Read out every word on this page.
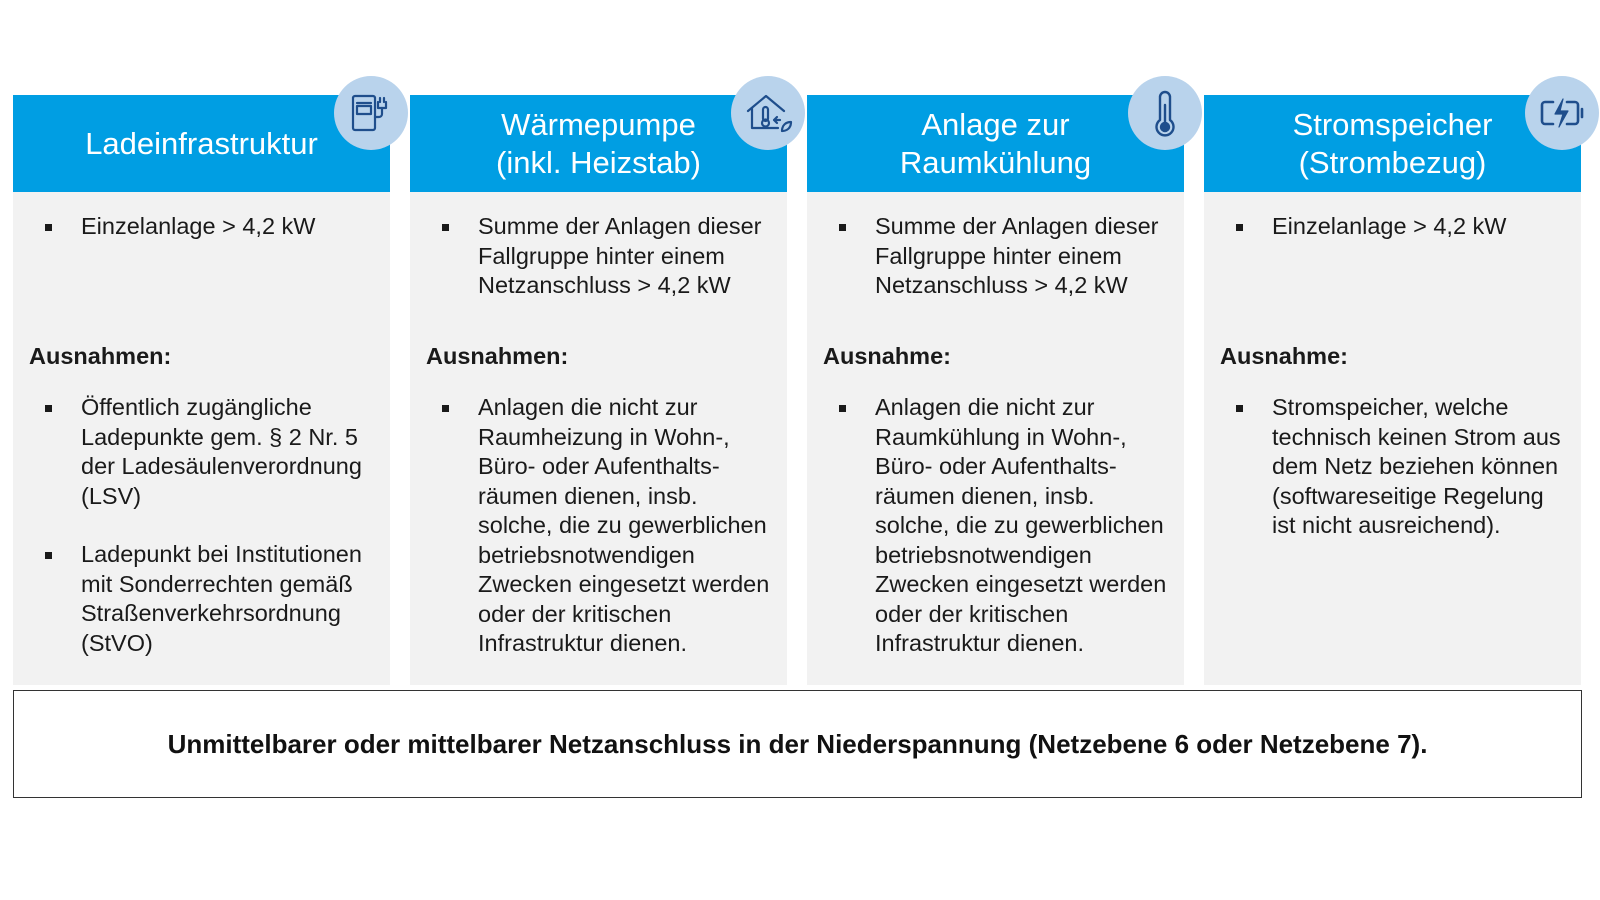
Ladeinfrastruktur
Einzelanlage > 4,2 kW
Ausnahmen:
Öffentlich zugängliche Ladepunkte gem. § 2 Nr. 5 der Ladesäulenverordnung (LSV)
Ladepunkt bei Institutionen mit Sonderrechten gemäß Straßenverkehrsordnung (StVO)
Wärmepumpe
(inkl. Heizstab)
Summe der Anlagen dieser Fallgruppe hinter einem Netzanschluss > 4,2 kW
Ausnahmen:
Anlagen die nicht zur Raumheizung in Wohn-, Büro- oder Aufenthalts-räumen dienen, insb. solche, die zu gewerblichen betriebsnotwendigen Zwecken eingesetzt werden oder der kritischen Infrastruktur dienen.
Anlage zur
Raumkühlung
Summe der Anlagen dieser Fallgruppe hinter einem Netzanschluss > 4,2 kW
Ausnahme:
Anlagen die nicht zur Raumkühlung in Wohn-, Büro- oder Aufenthalts-räumen dienen, insb. solche, die zu gewerblichen betriebsnotwendigen Zwecken eingesetzt werden oder der kritischen Infrastruktur dienen.
Stromspeicher
(Strombezug)
Einzelanlage > 4,2 kW
Ausnahme:
Stromspeicher, welche technisch keinen Strom aus dem Netz beziehen können (softwareseitige Regelung ist nicht ausreichend).
Unmittelbarer oder mittelbarer Netzanschluss in der Niederspannung (Netzebene 6 oder Netzebene 7).
